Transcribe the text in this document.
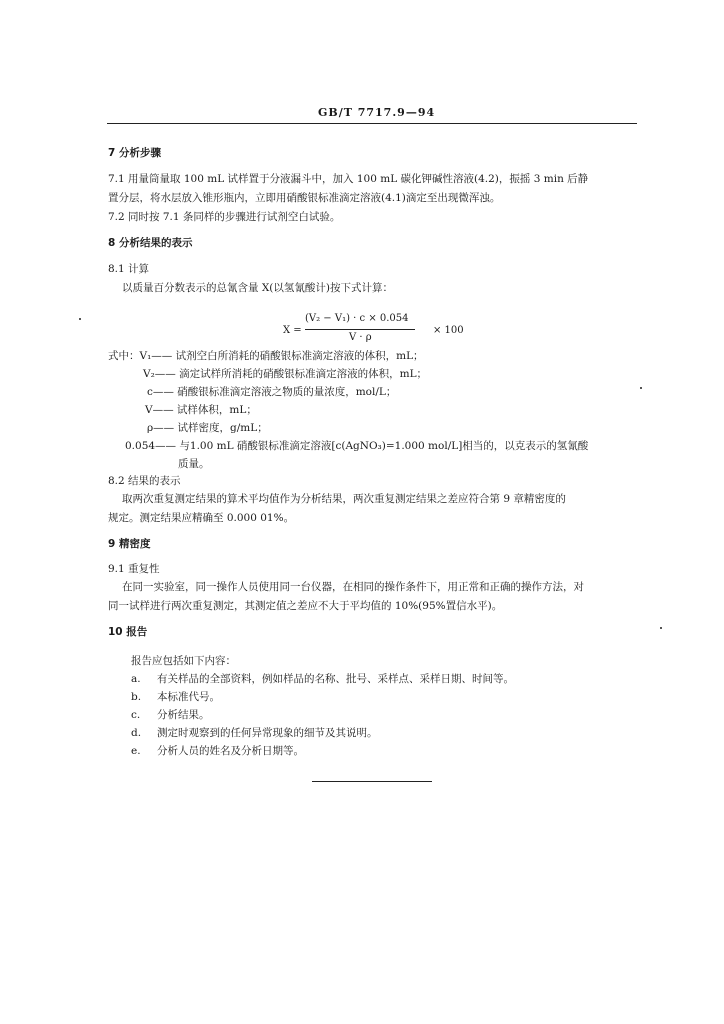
GB/T 7717.9—94
7 分析步骤
7.1 用量筒量取 100 mL 试样置于分液漏斗中，加入 100 mL 碳化钾碱性溶液(4.2)，振摇 3 min 后静
置分层，将水层放入锥形瓶内，立即用硝酸银标准滴定溶液(4.1)滴定至出现微浑浊。
7.2 同时按 7.1 条同样的步骤进行试剂空白试验。
8 分析结果的表示
8.1 计算
以质量百分数表示的总氰含量 X(以氢氰酸计)按下式计算：
X =
(V₂ − V₁) · c × 0.054
V · ρ
× 100
式中：V₁—— 试剂空白所消耗的硝酸银标准滴定溶液的体积，mL；
V₂—— 滴定试样所消耗的硝酸银标准滴定溶液的体积，mL；
c—— 硝酸银标准滴定溶液之物质的量浓度，mol/L；
V—— 试样体积，mL；
ρ—— 试样密度，g/mL；
0.054—— 与1.00 mL 硝酸银标准滴定溶液[c(AgNO₃)=1.000 mol/L]相当的，以克表示的氢氰酸
质量。
8.2 结果的表示
取两次重复测定结果的算术平均值作为分析结果，两次重复测定结果之差应符合第 9 章精密度的
规定。测定结果应精确至 0.000 01%。
9 精密度
9.1 重复性
在同一实验室，同一操作人员使用同一台仪器，在相同的操作条件下，用正常和正确的操作方法，对
同一试样进行两次重复测定，其测定值之差应不大于平均值的 10%(95%置信水平)。
10 报告
报告应包括如下内容：
a. 有关样品的全部资料，例如样品的名称、批号、采样点、采样日期、时间等。
b. 本标准代号。
c. 分析结果。
d. 测定时观察到的任何异常现象的细节及其说明。
e. 分析人员的姓名及分析日期等。
